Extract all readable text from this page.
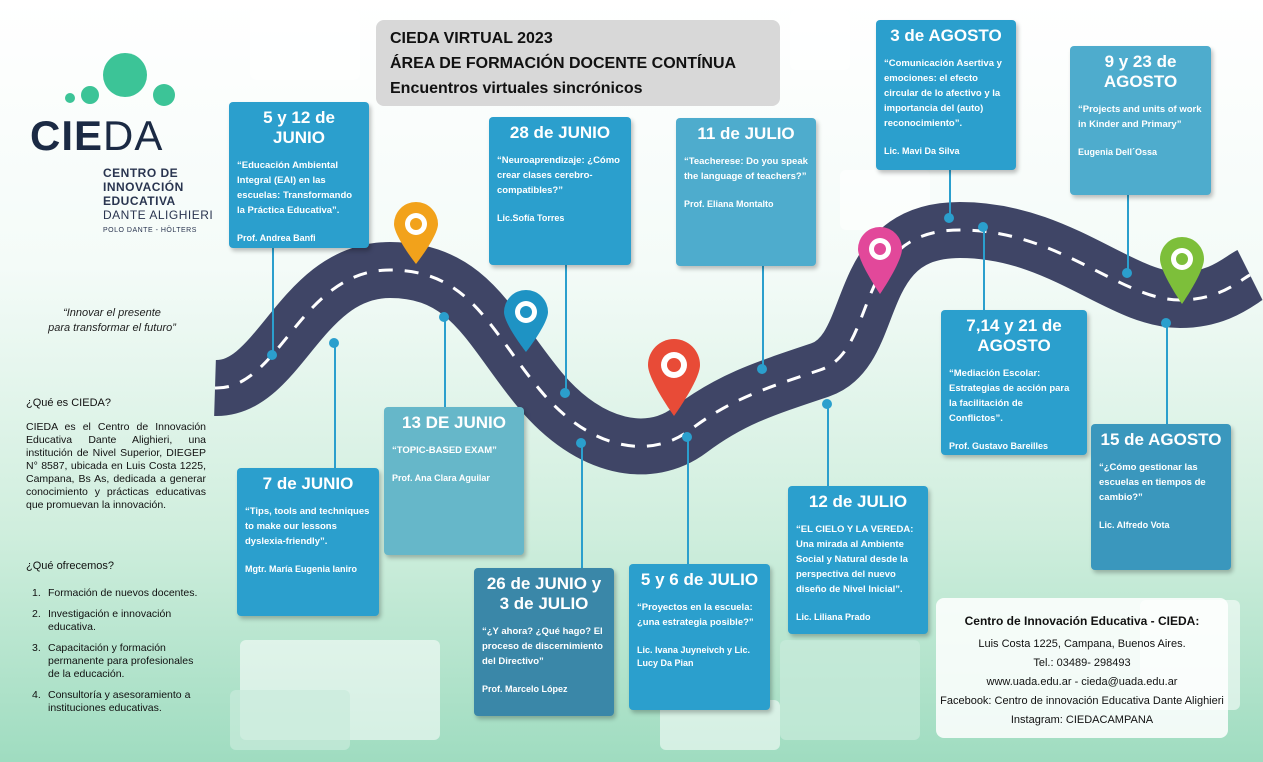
CIEDA
CENTRO DE
INNOVACIÓN
EDUCATIVA
DANTE ALIGHIERI
POLO DANTE - HÖLTERS
“Innovar el presente
para transformar el futuro”
¿Qué es CIEDA?
CIEDA es el Centro de Innovación Educativa Dante Alighieri, una institución de Nivel Superior, DIEGEP N° 8587, ubicada en Luis Costa 1225, Campana, Bs As, dedicada a generar conocimiento y prácticas educativas que promuevan la innovación.
¿Qué ofrecemos?
1. Formación de nuevos docentes.
2. Investigación e innovación educativa.
3. Capacitación y formación permanente para profesionales de la educación.
4. Consultoría y asesoramiento a instituciones educativas.
CIEDA VIRTUAL 2023
ÁREA DE FORMACIÓN DOCENTE CONTÍNUA
Encuentros virtuales sincrónicos
5 y 12 de JUNIO
“Educación Ambiental Integral (EAI) en las escuelas: Transformando la Práctica Educativa”.
Prof. Andrea Banfi
7 de JUNIO
“Tips, tools and techniques to make our lessons dyslexia-friendly”.
Mgtr. María Eugenia Ianiro
13 DE JUNIO
“TOPIC-BASED EXAM”
Prof. Ana Clara Aguilar
28 de JUNIO
“Neuroaprendizaje: ¿Cómo crear clases cerebro-compatibles?”
Lic.Sofía Torres
26 de JUNIO y 3 de JULIO
“¿Y ahora? ¿Qué hago? El proceso de discernimiento del Directivo”
Prof. Marcelo López
11 de JULIO
“Teacherese: Do you speak the language of teachers?”
Prof. Eliana Montalto
5 y 6 de JULIO
“Proyectos en la escuela: ¿una estrategia posible?”
Lic. Ivana Juyneivch y Lic. Lucy Da Pian
12 de JULIO
“EL CIELO Y LA VEREDA: Una mirada al Ambiente Social y Natural desde la perspectiva del nuevo diseño de Nivel Inicial”.
Lic. Liliana Prado
3 de AGOSTO
“Comunicación Asertiva y emociones: el efecto circular de lo afectivo y la importancia del (auto) reconocimiento”.
Lic. Mavi Da Silva
7,14 y 21 de AGOSTO
“Mediación Escolar: Estrategias de acción para la facilitación de Conflictos”.
Prof. Gustavo Bareilles
9 y 23 de AGOSTO
“Projects and units of work in Kinder and Primary”
Eugenia Dell´Ossa
15 de AGOSTO
“¿Cómo gestionar las escuelas en tiempos de cambio?”
Lic. Alfredo Vota
Centro de Innovación Educativa - CIEDA:
Luis Costa 1225, Campana, Buenos Aires.
Tel.: 03489- 298493
www.uada.edu.ar - cieda@uada.edu.ar
Facebook: Centro de innovación Educativa Dante Alighieri
Instagram: CIEDACAMPANA
